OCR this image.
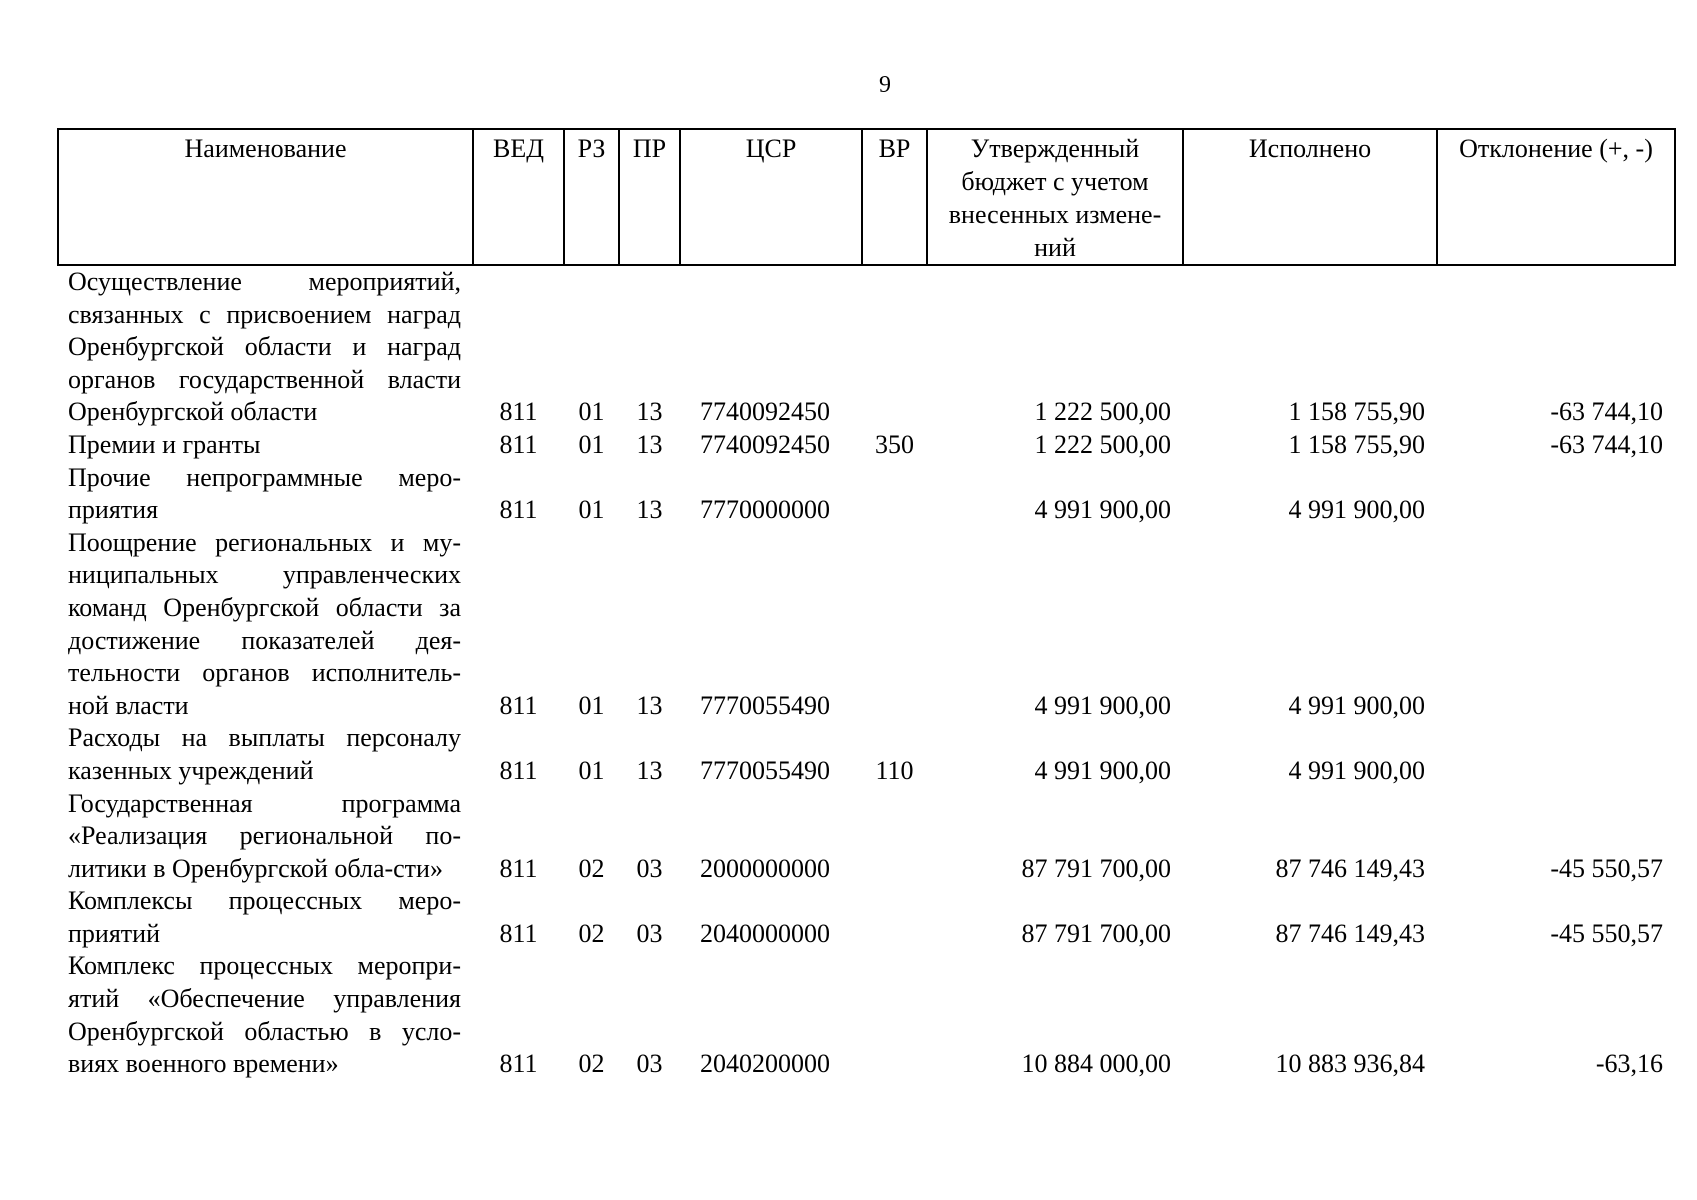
9
Наименование	ВЕД	РЗ	ПР	ЦСР	ВР	Утвержденный бюджет с учетом внесенных измене-ний	Исполнено	Отклонение (+, -)
Осуществление мероприятий, связанных с присвоением наград Оренбургской области и наград органов государственной власти Оренбургской области	811	01	13	7740092450		1 222 500,00	1 158 755,90	-63 744,10
Премии и гранты	811	01	13	7740092450	350	1 222 500,00	1 158 755,90	-63 744,10
Прочие непрограммные меро-приятия	811	01	13	7770000000		4 991 900,00	4 991 900,00	
Поощрение региональных и му-ниципальных управленческих команд Оренбургской области за достижение показателей дея-тельности органов исполнитель-ной власти	811	01	13	7770055490		4 991 900,00	4 991 900,00	
Расходы на выплаты персоналу казенных учреждений	811	01	13	7770055490	110	4 991 900,00	4 991 900,00	
Государственная программа «Реализация региональной по-литики в Оренбургской обла-сти»	811	02	03	2000000000		87 791 700,00	87 746 149,43	-45 550,57
Комплексы процессных меро-приятий	811	02	03	2040000000		87 791 700,00	87 746 149,43	-45 550,57
Комплекс процессных меропри-ятий «Обеспечение управления Оренбургской областью в усло-виях военного времени»	811	02	03	2040200000		10 884 000,00	10 883 936,84	-63,16
